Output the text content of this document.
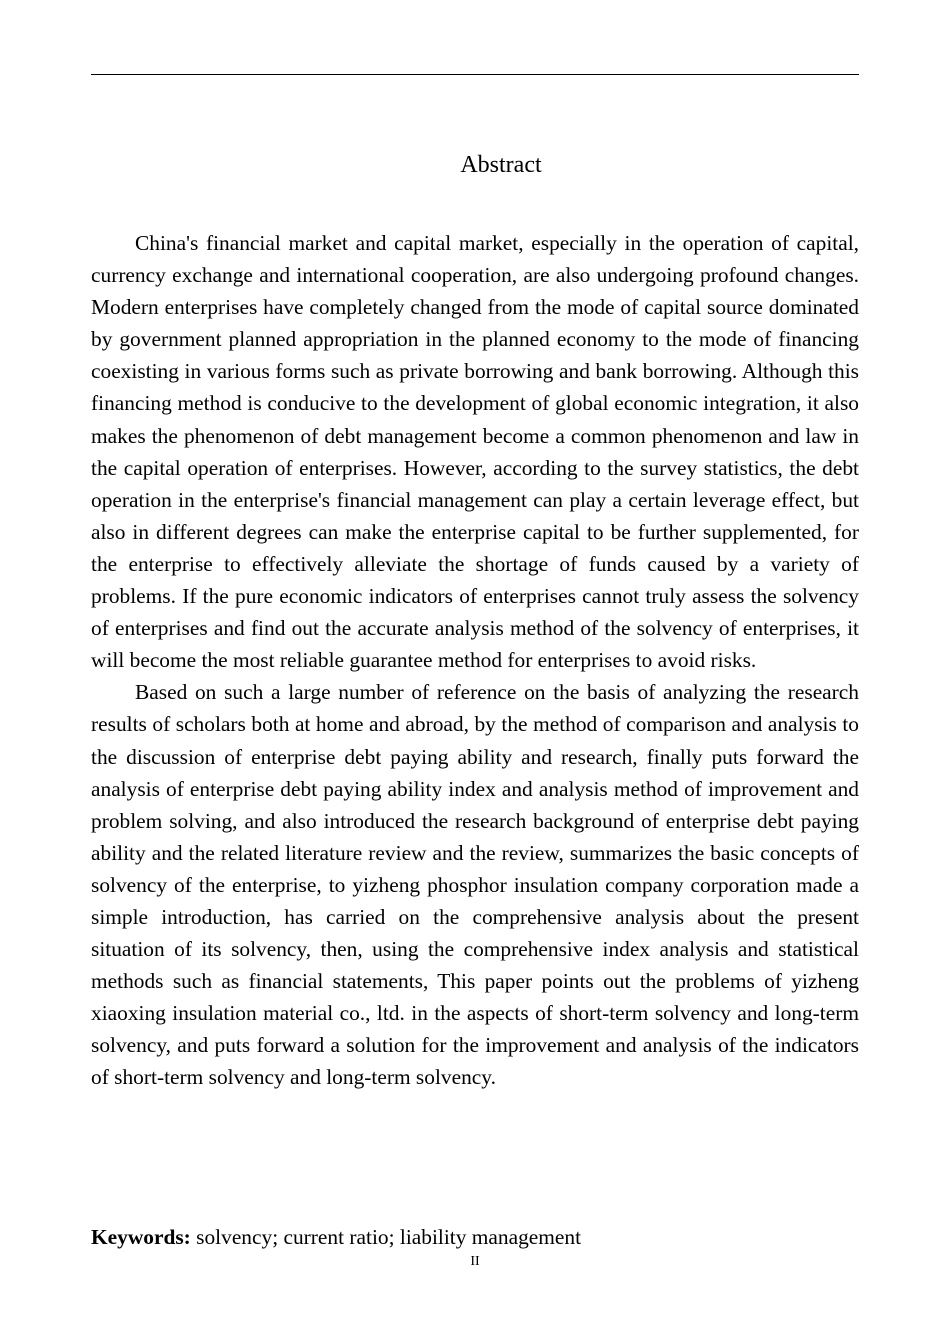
Abstract

China's financial market and capital market, especially in the operation of capital, currency exchange and international cooperation, are also undergoing profound changes. Modern enterprises have completely changed from the mode of capital source dominated by government planned appropriation in the planned economy to the mode of financing coexisting in various forms such as private borrowing and bank borrowing. Although this financing method is conducive to the development of global economic integration, it also makes the phenomenon of debt management become a common phenomenon and law in the capital operation of enterprises. However, according to the survey statistics, the debt operation in the enterprise's financial management can play a certain leverage effect, but also in different degrees can make the enterprise capital to be further supplemented, for the enterprise to effectively alleviate the shortage of funds caused by a variety of problems. If the pure economic indicators of enterprises cannot truly assess the solvency of enterprises and find out the accurate analysis method of the solvency of enterprises, it will become the most reliable guarantee method for enterprises to avoid risks.

Based on such a large number of reference on the basis of analyzing the research results of scholars both at home and abroad, by the method of comparison and analysis to the discussion of enterprise debt paying ability and research, finally puts forward the analysis of enterprise debt paying ability index and analysis method of improvement and problem solving, and also introduced the research background of enterprise debt paying ability and the related literature review and the review, summarizes the basic concepts of solvency of the enterprise, to yizheng phosphor insulation company corporation made a simple introduction, has carried on the comprehensive analysis about the present situation of its solvency, then, using the comprehensive index analysis and statistical methods such as financial statements, This paper points out the problems of yizheng xiaoxing insulation material co., ltd. in the aspects of short-term solvency and long-term solvency, and puts forward a solution for the improvement and analysis of the indicators of short-term solvency and long-term solvency.

Keywords: solvency; current ratio; liability management
II
